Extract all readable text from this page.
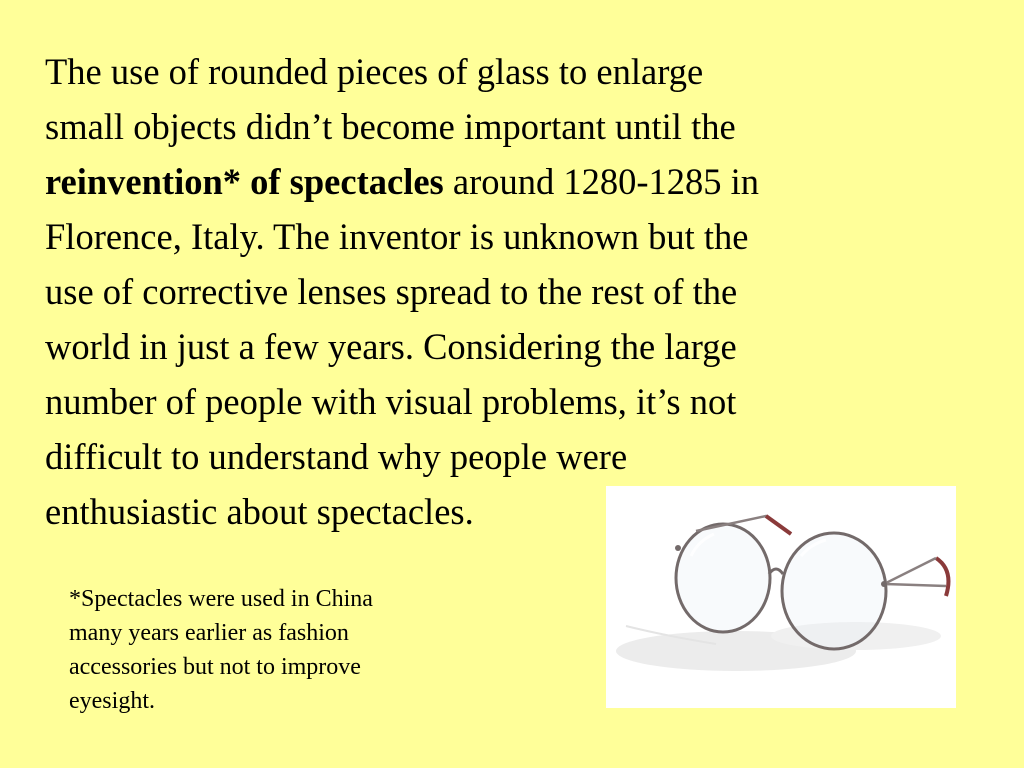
The use of rounded pieces of glass to enlarge
small objects didn’t become important until the
reinvention* of spectacles around 1280-1285 in
Florence, Italy. The inventor is unknown but the
use of corrective lenses spread to the rest of the
world in just a few years. Considering the large
number of people with visual problems, it’s not
difficult to understand why people were
enthusiastic about spectacles.

*Spectacles were used in China
many years earlier as fashion
accessories but not to improve
eyesight.
